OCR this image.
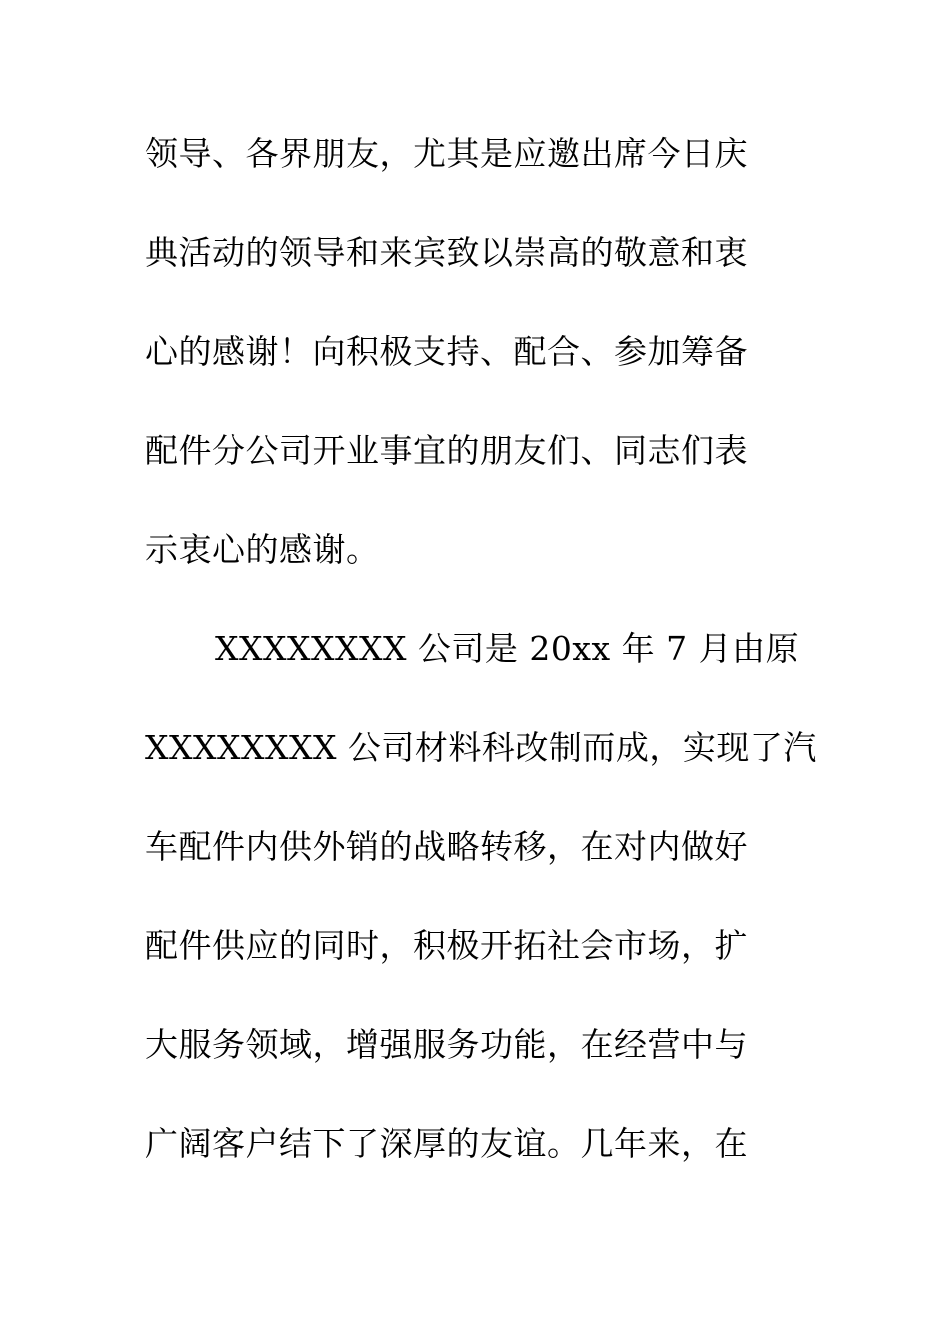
领导、各界朋友，尤其是应邀出席今日庆
典活动的领导和来宾致以崇高的敬意和衷
心的感谢！向积极支持、配合、参加筹备
配件分公司开业事宜的朋友们、同志们表
示衷心的感谢。
XXXXXXXX 公司是 20xx 年 7 月由原
XXXXXXXX 公司材料科改制而成，实现了汽
车配件内供外销的战略转移，在对内做好
配件供应的同时，积极开拓社会市场，扩
大服务领域，增强服务功能，在经营中与
广阔客户结下了深厚的友谊。几年来，在
